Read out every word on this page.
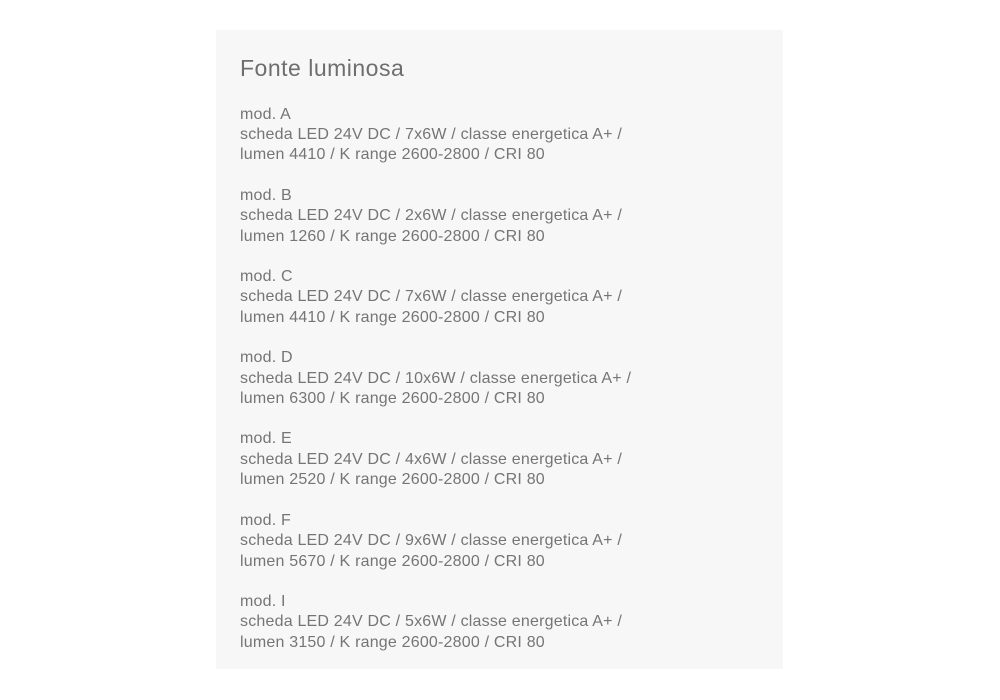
Fonte luminosa
mod. A
scheda LED 24V DC / 7x6W / classe energetica A+ /
lumen 4410 / K range 2600-2800 / CRI 80
mod. B
scheda LED 24V DC / 2x6W / classe energetica A+ /
lumen 1260 / K range 2600-2800 / CRI 80
mod. C
scheda LED 24V DC / 7x6W / classe energetica A+ /
lumen 4410 / K range 2600-2800 / CRI 80
mod. D
scheda LED 24V DC / 10x6W / classe energetica A+ /
lumen 6300 / K range 2600-2800 / CRI 80
mod. E
scheda LED 24V DC / 4x6W / classe energetica A+ /
lumen 2520 / K range 2600-2800 / CRI 80
mod. F
scheda LED 24V DC / 9x6W / classe energetica A+ /
lumen 5670 / K range 2600-2800 / CRI 80
mod. I
scheda LED 24V DC / 5x6W / classe energetica A+ /
lumen 3150 / K range 2600-2800 / CRI 80
